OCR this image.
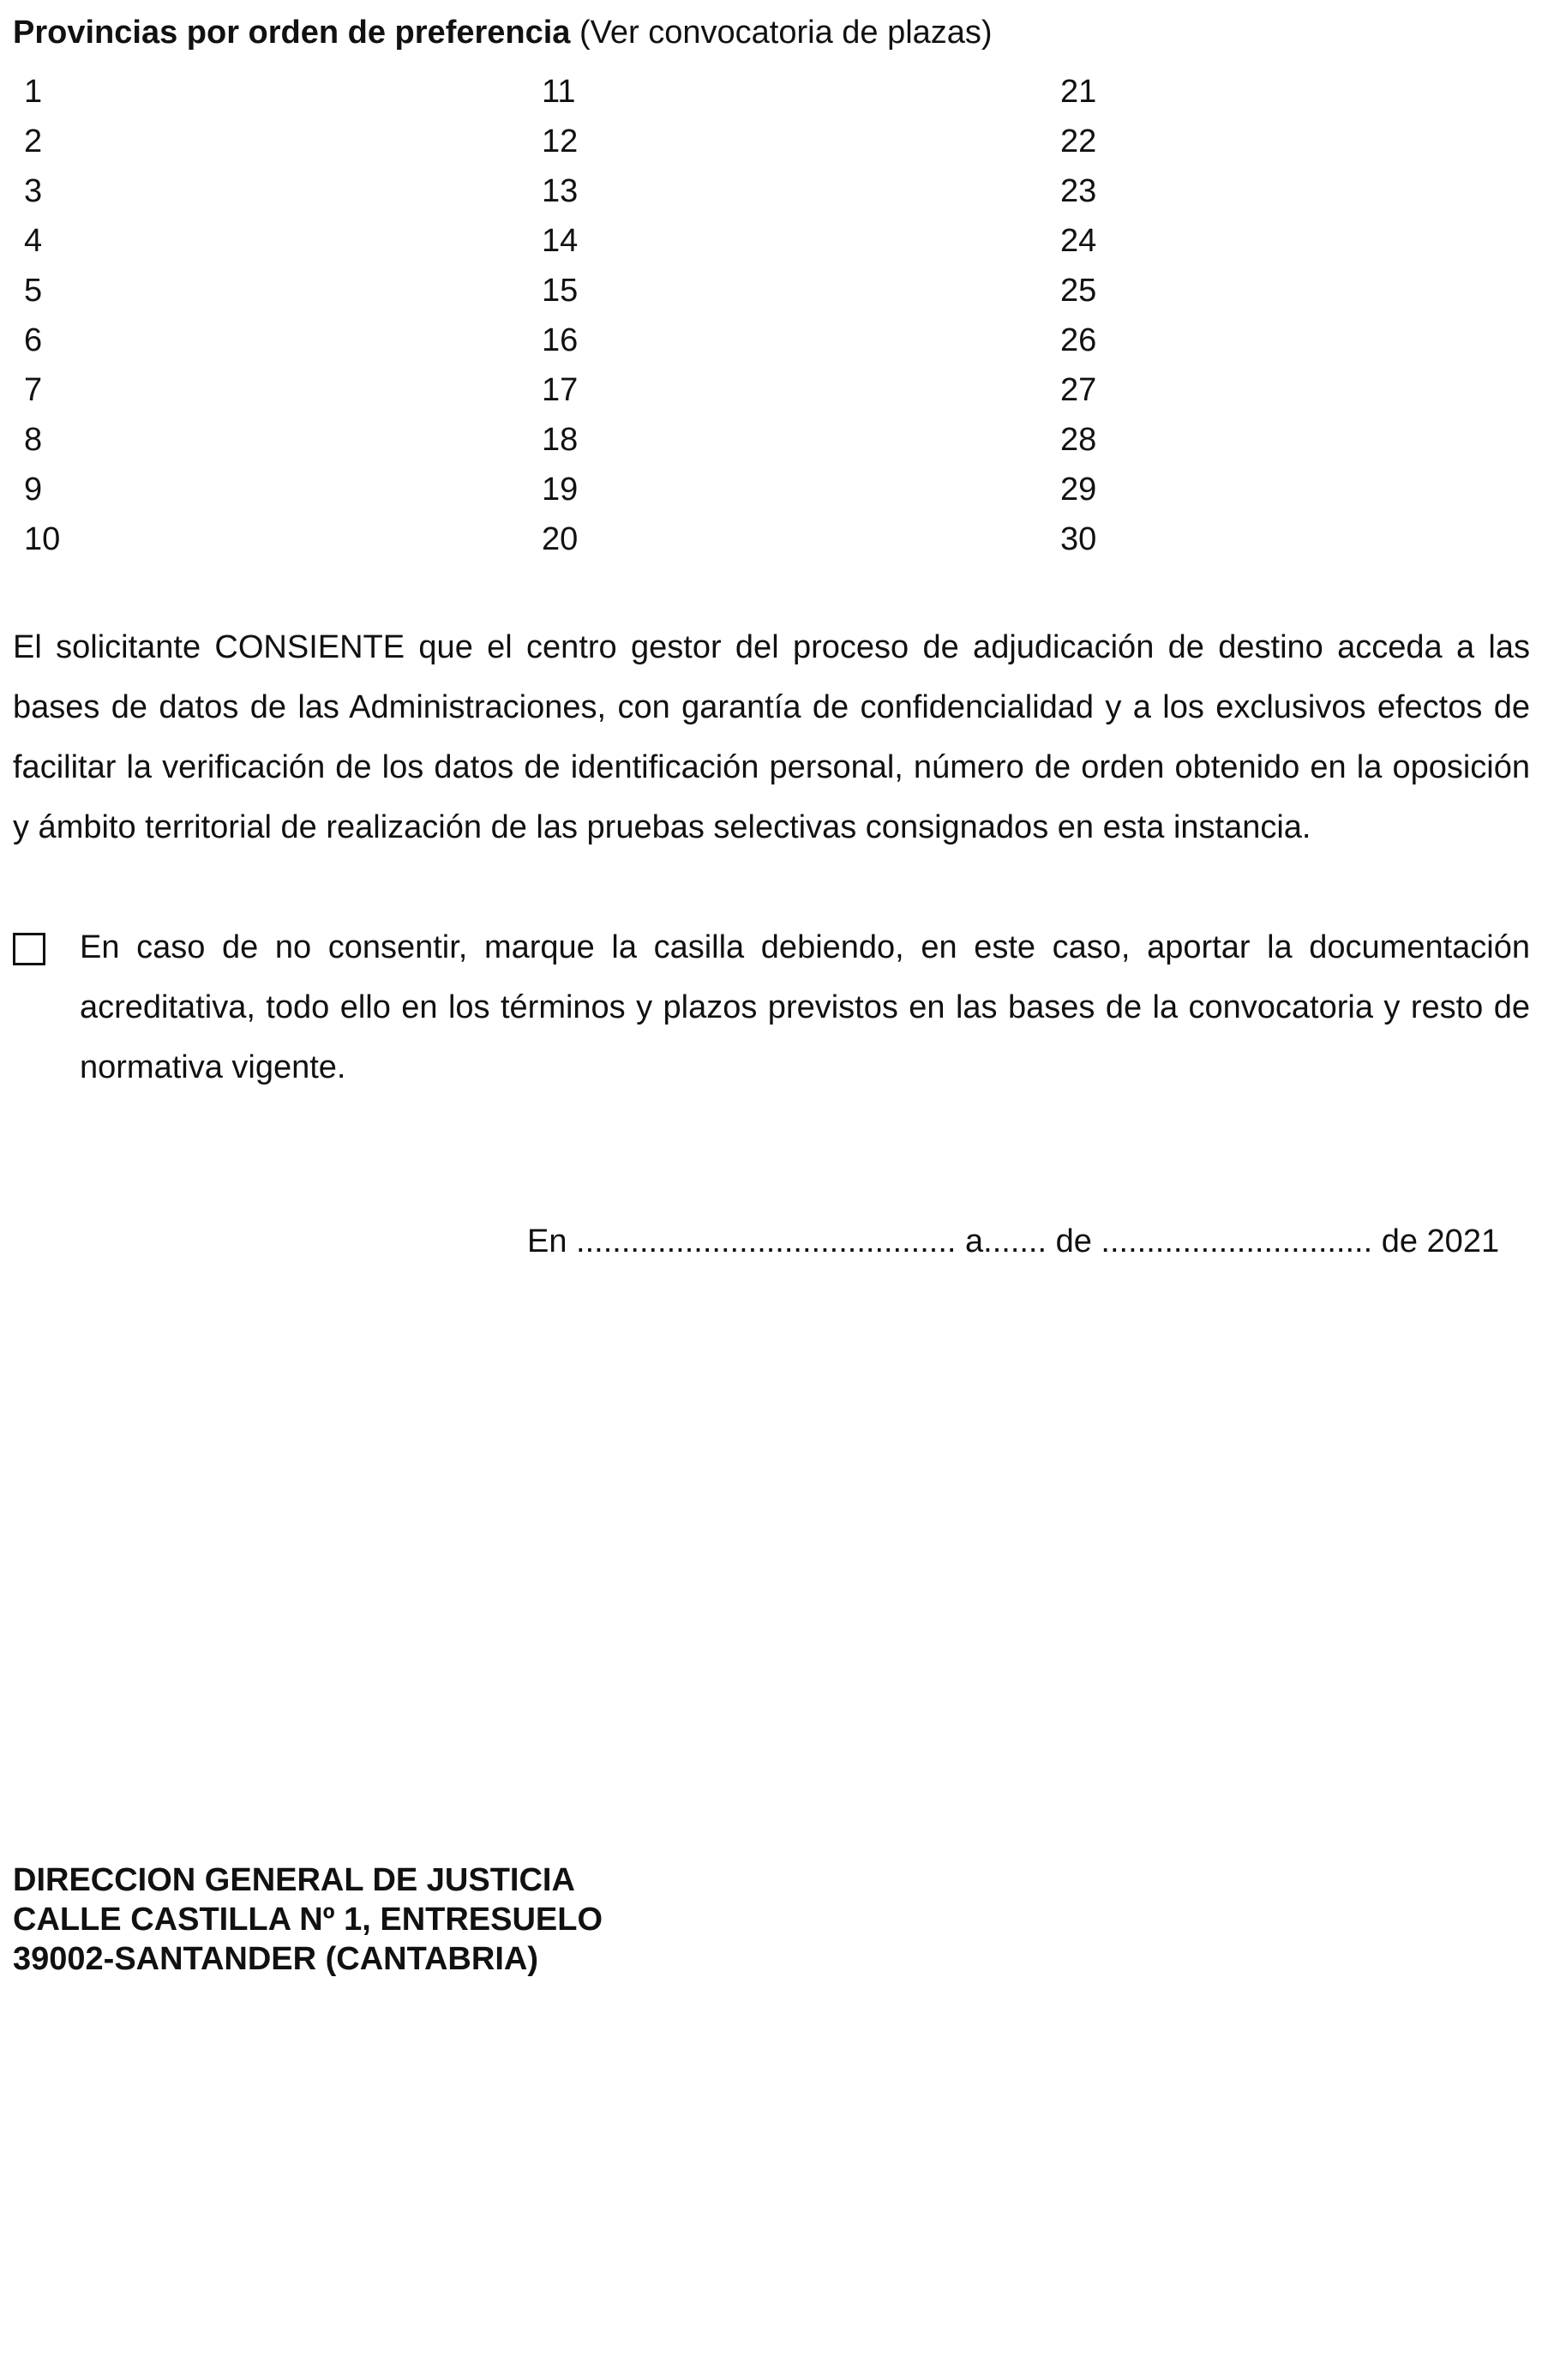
Provincias por orden de preferencia (Ver convocatoria de plazas)
1
2
3
4
5
6
7
8
9
10
11
12
13
14
15
16
17
18
19
20
21
22
23
24
25
26
27
28
29
30

El solicitante CONSIENTE que el centro gestor del proceso de adjudicación de destino acceda a las bases de datos de las Administraciones, con garantía de confidencialidad y a los exclusivos efectos de facilitar la verificación de los datos de identificación personal, número de orden obtenido en la oposición y ámbito territorial de realización de las pruebas selectivas consignados en esta instancia.

En caso de no consentir, marque la casilla debiendo, en este caso, aportar la documentación acreditativa, todo ello en los términos y plazos previstos en las bases de la convocatoria y resto de normativa vigente.

En .......................................... a....... de .............................. de 2021
DIRECCION GENERAL DE JUSTICIA
CALLE CASTILLA Nº 1, ENTRESUELO
39002-SANTANDER (CANTABRIA)
